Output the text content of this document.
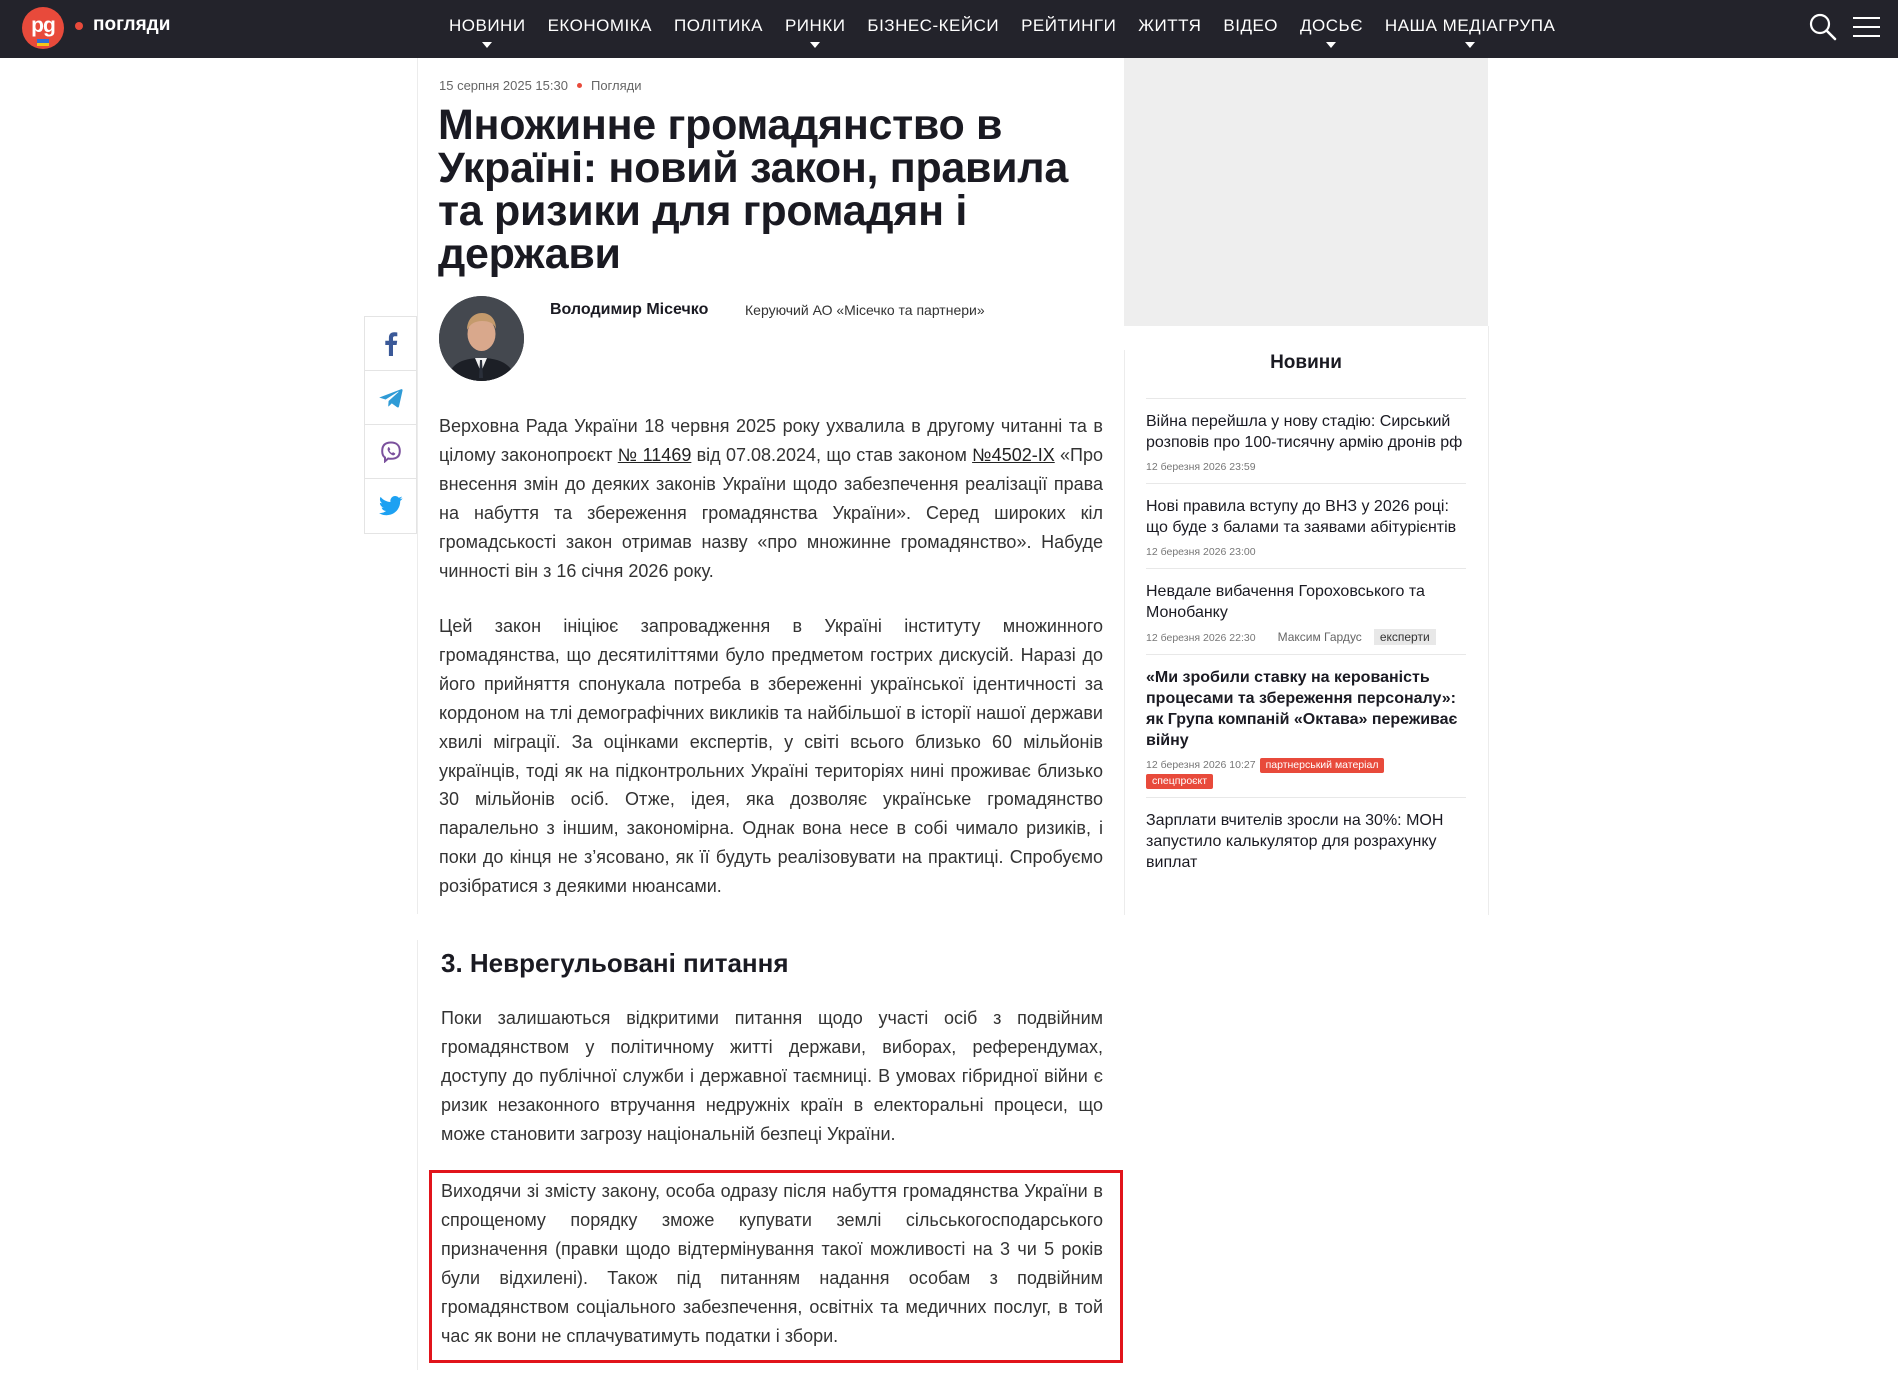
pg	погляди	НОВИНИ	ЕКОНОМІКА	ПОЛІТИКА	РИНКИ	БІЗНЕС-КЕЙСИ	РЕЙТИНГИ	ЖИТТЯ	ВІДЕО	ДОСЬЄ	НАША МЕДІАГРУПА
15 серпня 2025 15:30 Погляди
Множинне громадянство в Україні: новий закон, правила та ризики для громадян і держави
Володимир Місечко	Керуючий АО «Місечко та партнери»

Верховна Рада України 18 червня 2025 року ухвалила в другому читанні та в цілому законопроєкт № 11469 від 07.08.2024, що став законом №4502-IX «Про внесення змін до деяких законів України щодо забезпечення реалізації права на набуття та збереження громадянства України». Серед широких кіл громадськості закон отримав назву «про множинне громадянство». Набуде чинності він з 16 січня 2026 року.

Цей закон ініціює запровадження в Україні інституту множинного громадянства, що десятиліттями було предметом гострих дискусій. Наразі до його прийняття спонукала потреба в збереженні української ідентичності за кордоном на тлі демографічних викликів та найбільшої в історії нашої держави хвилі міграції. За оцінками експертів, у світі всього близько 60 мільйонів українців, тоді як на підконтрольних Україні територіях нині проживає близько 30 мільйонів осіб. Отже, ідея, яка дозволяє українське громадянство паралельно з іншим, закономірна. Однак вона несе в собі чимало ризиків, і поки до кінця не з’ясовано, як її будуть реалізовувати на практиці. Спробуємо розібратися з деякими нюансами.

3. Неврегульовані питання

Поки залишаються відкритими питання щодо участі осіб з подвійним громадянством у політичному житті держави, виборах, референдумах, доступу до публічної служби і державної таємниці. В умовах гібридної війни є ризик незаконного втручання недружніх країн в електоральні процеси, що може становити загрозу національній безпеці України.

Виходячи зі змісту закону, особа одразу після набуття громадянства України в спрощеному порядку зможе купувати землі сільськогосподарського призначення (правки щодо відтермінування такої можливості на 3 чи 5 років були відхилені). Також під питанням надання особам з подвійним громадянством соціального забезпечення, освітніх та медичних послуг, в той час як вони не сплачуватимуть податки і збори.

Новини
Війна перейшла у нову стадію: Сирський розповів про 100-тисячну армію дронів рф
12 березня 2026 23:59
Нові правила вступу до ВНЗ у 2026 році: що буде з балами та заявами абітурієнтів
12 березня 2026 23:00
Невдале вибачення Гороховського та Монобанку
12 березня 2026 22:30 Максим Гардус експерти
«Ми зробили ставку на керованість процесами та збереження персоналу»: як Група компаній «Октава» переживає війну
12 березня 2026 10:27 партнерський матеріал
спецпроєкт
Зарплати вчителів зросли на 30%: МОН запустило калькулятор для розрахунку виплат
